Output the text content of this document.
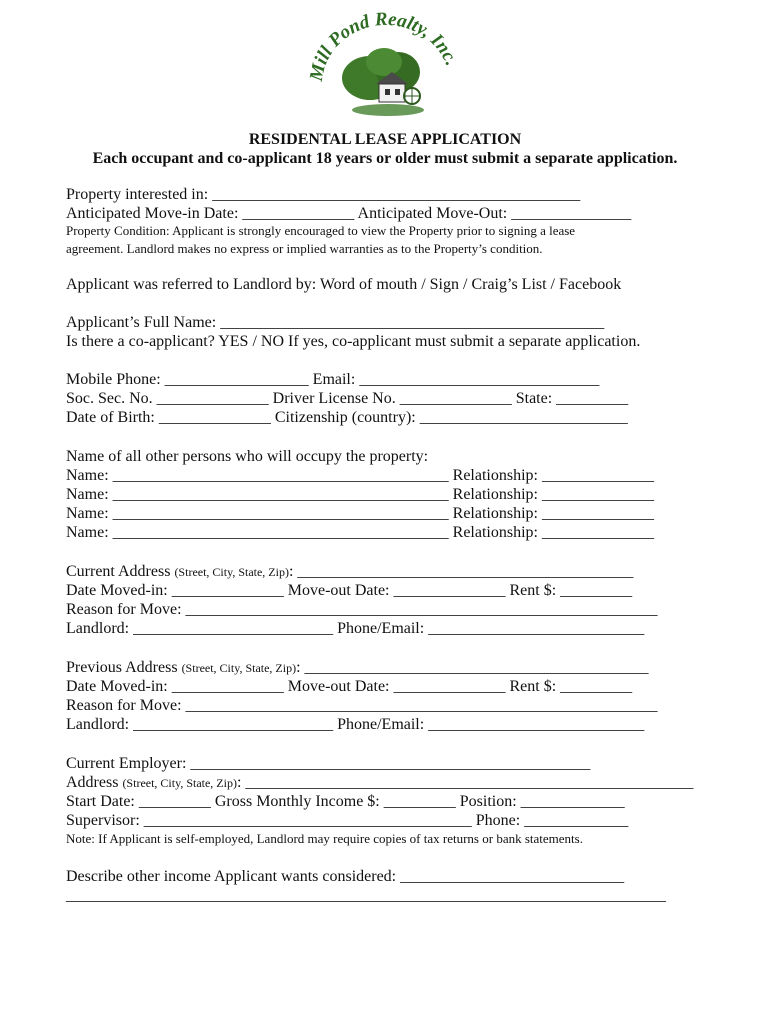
Mill Pond Realty, Inc.
RESIDENTAL LEASE APPLICATION
Each occupant and co-applicant 18 years or older must submit a separate application.
Property interested in: ______________________________________________
Anticipated Move-in Date: ______________ Anticipated Move-Out: _______________
Property Condition: Applicant is strongly encouraged to view the Property prior to signing a lease
agreement. Landlord makes no express or implied warranties as to the Property’s condition.
Applicant was referred to Landlord by: Word of mouth / Sign / Craig’s List / Facebook
Applicant’s Full Name: ________________________________________________
Is there a co-applicant? YES / NO If yes, co-applicant must submit a separate application.
Mobile Phone: __________________ Email: ______________________________
Soc. Sec. No. ______________ Driver License No. ______________ State: _________
Date of Birth: ______________ Citizenship (country): __________________________
Name of all other persons who will occupy the property:
Name: __________________________________________ Relationship: ______________
Name: __________________________________________ Relationship: ______________
Name: __________________________________________ Relationship: ______________
Name: __________________________________________ Relationship: ______________
Current Address (Street, City, State, Zip): __________________________________________
Date Moved-in: ______________ Move-out Date: ______________ Rent $: _________
Reason for Move: ___________________________________________________________
Landlord: _________________________ Phone/Email: ___________________________
Previous Address (Street, City, State, Zip): ___________________________________________
Date Moved-in: ______________ Move-out Date: ______________ Rent $: _________
Reason for Move: ___________________________________________________________
Landlord: _________________________ Phone/Email: ___________________________
Current Employer: __________________________________________________
Address (Street, City, State, Zip): ________________________________________________________
Start Date: _________ Gross Monthly Income $: _________ Position: _____________
Supervisor: _________________________________________ Phone: _____________
Note: If Applicant is self-employed, Landlord may require copies of tax returns or bank statements.
Describe other income Applicant wants considered: ____________________________
___________________________________________________________________________
